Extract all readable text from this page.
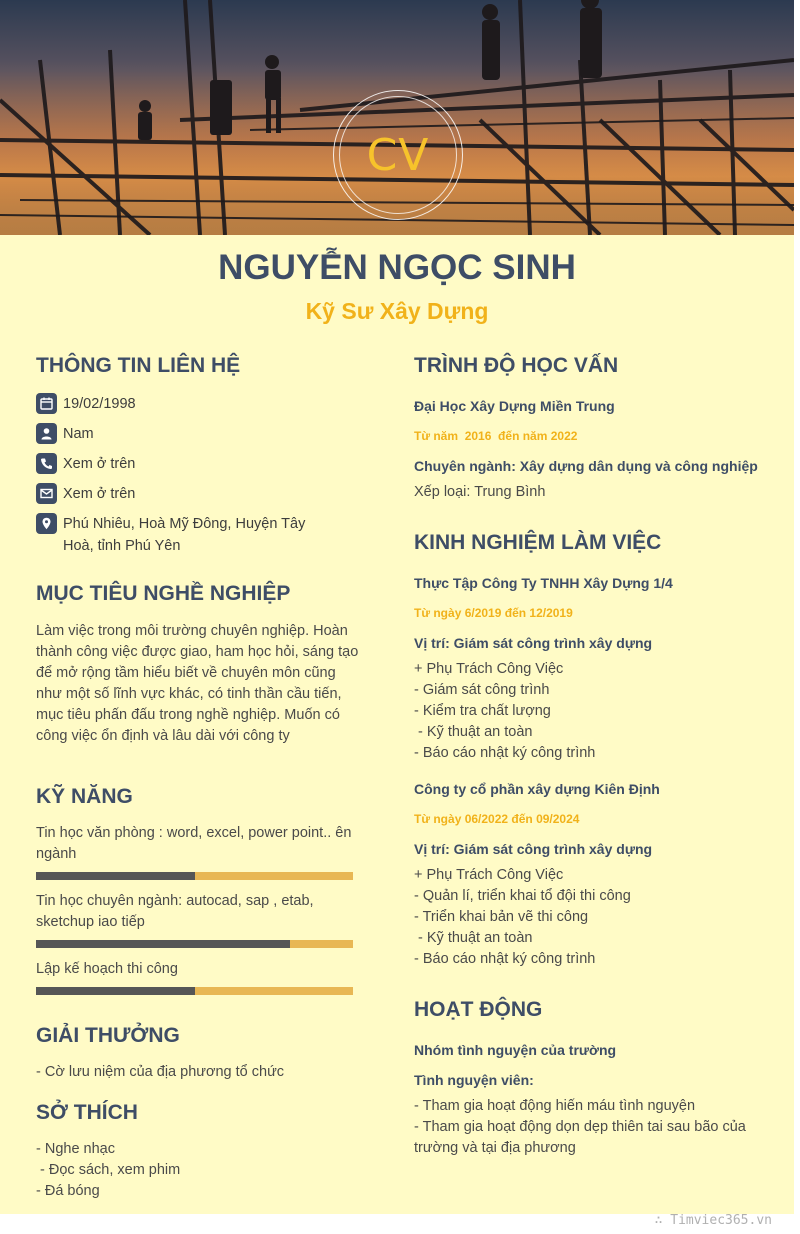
CV
NGUYỄN NGỌC SINH
Kỹ Sư Xây Dựng
THÔNG TIN LIÊN HỆ
19/02/1998
Nam
Xem ở trên
Xem ở trên
Phú Nhiêu, Hoà Mỹ Đông, Huyện Tây Hoà, tỉnh Phú Yên
MỤC TIÊU NGHỀ NGHIỆP
Làm việc trong môi trường chuyên nghiệp. Hoàn thành công việc được giao, ham học hỏi, sáng tạo để mở rộng tầm hiểu biết về chuyên môn cũng như một số lĩnh vực khác, có tinh thần cầu tiến, mục tiêu phấn đấu trong nghề nghiệp. Muốn có công việc ổn định và lâu dài với công ty
KỸ NĂNG
Tin học văn phòng : word, excel, power point.. ên ngành
Tin học chuyên ngành: autocad, sap , etab, sketchup iao tiếp
Lập kế hoạch thi công
GIẢI THƯỞNG
- Cờ lưu niệm của địa phương tổ chức
SỞ THÍCH
- Nghe nhạc
- Đọc sách, xem phim
- Đá bóng
TRÌNH ĐỘ HỌC VẤN
Đại Học Xây Dựng Miền Trung
Từ năm  2016  đến năm 2022
Chuyên ngành: Xây dựng dân dụng và công nghiệp
Xếp loại: Trung Bình
KINH NGHIỆM LÀM VIỆC
Thực Tập Công Ty TNHH Xây Dựng 1/4
Từ ngày 6/2019 đến 12/2019
Vị trí: Giám sát công trình xây dựng
+ Phụ Trách Công Việc
- Giám sát công trình
- Kiểm tra chất lượng
- Kỹ thuật an toàn
- Báo cáo nhật ký công trình
Công ty cổ phần xây dựng Kiên Định
Từ ngày 06/2022 đến 09/2024
Vị trí: Giám sát công trình xây dựng
+ Phụ Trách Công Việc
- Quản lí, triển khai tổ đội thi công
- Triển khai bản vẽ thi công
- Kỹ thuật an toàn
- Báo cáo nhật ký công trình
HOẠT ĐỘNG
Nhóm tình nguyện của trường
Tình nguyện viên:
- Tham gia hoạt động hiến máu tình nguyện
- Tham gia hoạt động dọn dẹp thiên tai sau bão của trường và tại địa phương
∴ Timviec365.vn
